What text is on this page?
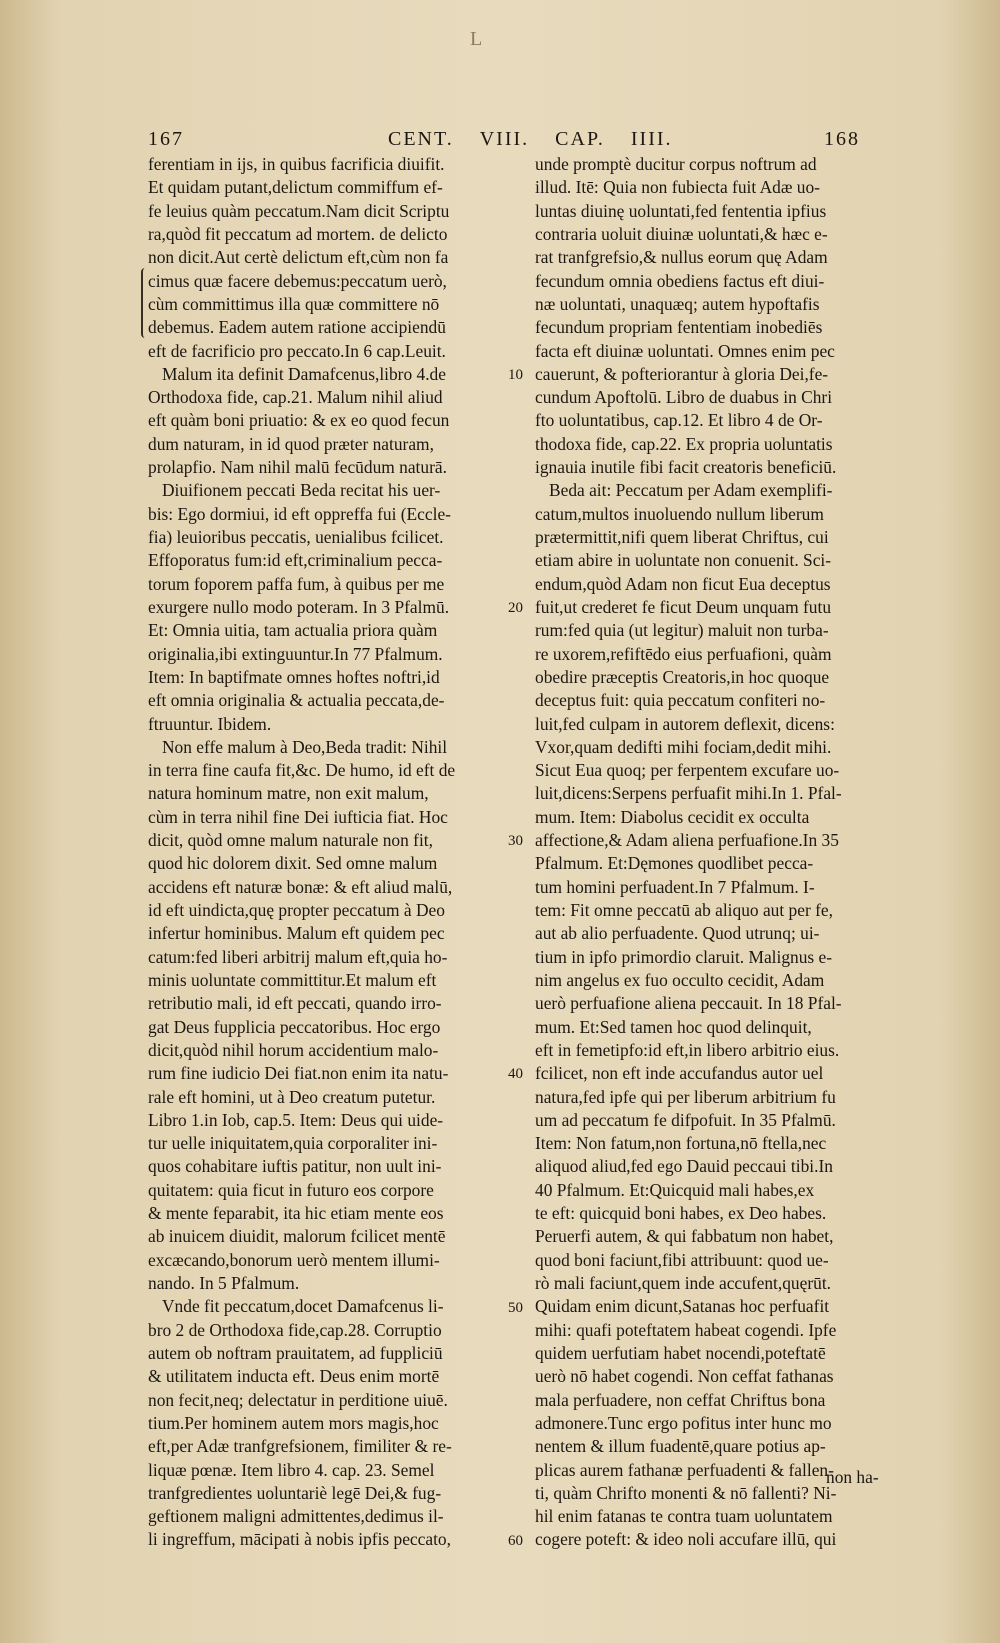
L
167	CENT. VIII. CAP. IIII.	168
ferentiam in ijs, in quibus facrificia diuifit.
Et quidam putant,delictum commiffum ef-
fe leuius quàm peccatum.Nam dicit Scriptu
ra,quòd fit peccatum ad mortem. de delicto
non dicit.Aut certè delictum eft,cùm non fa
cimus quæ facere debemus:peccatum uerò,
cùm committimus illa quæ committere nō
debemus. Eadem autem ratione accipiendū
eft de facrificio pro peccato.In 6 cap.Leuit.
Malum ita definit Damafcenus,libro 4.de
Orthodoxa fide, cap.21. Malum nihil aliud
eft quàm boni priuatio: & ex eo quod fecun
dum naturam, in id quod præter naturam,
prolapfio. Nam nihil malū fecūdum naturā.
Diuifionem peccati Beda recitat his uer-
bis: Ego dormiui, id eft oppreffa fui (Eccle-
fia) leuioribus peccatis, uenialibus fcilicet.
Effoporatus fum:id eft,criminalium pecca-
torum foporem paffa fum, à quibus per me
exurgere nullo modo poteram. In 3 Pfalmū.
Et: Omnia uitia, tam actualia priora quàm
originalia,ibi extinguuntur.In 77 Pfalmum.
Item: In baptifmate omnes hoftes noftri,id
eft omnia originalia & actualia peccata,de-
ftruuntur. Ibidem.
Non effe malum à Deo,Beda tradit: Nihil
in terra fine caufa fit,&c. De humo, id eft de
natura hominum matre, non exit malum,
cùm in terra nihil fine Dei iufticia fiat. Hoc
dicit, quòd omne malum naturale non fit,
quod hic dolorem dixit. Sed omne malum
accidens eft naturæ bonæ: & eft aliud malū,
id eft uindicta,quę propter peccatum à Deo
infertur hominibus. Malum eft quidem pec
catum:fed liberi arbitrij malum eft,quia ho-
minis uoluntate committitur.Et malum eft
retributio mali, id eft peccati, quando irro-
gat Deus fupplicia peccatoribus. Hoc ergo
dicit,quòd nihil horum accidentium malo-
rum fine iudicio Dei fiat.non enim ita natu-
rale eft homini, ut à Deo creatum putetur.
Libro 1.in Iob, cap.5. Item: Deus qui uide-
tur uelle iniquitatem,quia corporaliter ini-
quos cohabitare iuftis patitur, non uult ini-
quitatem: quia ficut in futuro eos corpore
& mente feparabit, ita hic etiam mente eos
ab inuicem diuidit, malorum fcilicet mentē
excæcando,bonorum uerò mentem illumi-
nando. In 5 Pfalmum.
Vnde fit peccatum,docet Damafcenus li-
bro 2 de Orthodoxa fide,cap.28. Corruptio
autem ob noftram prauitatem, ad fuppliciū
& utilitatem inducta eft. Deus enim mortē
non fecit,neq; delectatur in perditione uiuē.
tium.Per hominem autem mors magis,hoc
eft,per Adæ tranfgrefsionem, fimiliter & re-
liquæ pœnæ. Item libro 4. cap. 23. Semel
tranfgredientes uoluntariè legē Dei,& fug-
geftionem maligni admittentes,dedimus il-
li ingreffum, mācipati à nobis ipfis peccato,
unde promptè ducitur corpus noftrum ad
illud. Itē: Quia non fubiecta fuit Adæ uo-
luntas diuinę uoluntati,fed fententia ipfius
contraria uoluit diuinæ uoluntati,& hæc e-
rat tranfgrefsio,& nullus eorum quę Adam
fecundum omnia obediens factus eft diui-
næ uoluntati, unaquæq; autem hypoftafis
fecundum propriam fententiam inobediēs
facta eft diuinæ uoluntati. Omnes enim pec
cauerunt, & pofteriorantur à gloria Dei,fe-
cundum Apoftolū. Libro de duabus in Chri
fto uoluntatibus, cap.12. Et libro 4 de Or-
thodoxa fide, cap.22. Ex propria uoluntatis
ignauia inutile fibi facit creatoris beneficiū.
Beda ait: Peccatum per Adam exemplifi-
catum,multos inuoluendo nullum liberum
prætermittit,nifi quem liberat Chriftus, cui
etiam abire in uoluntate non conuenit. Sci-
endum,quòd Adam non ficut Eua deceptus
fuit,ut crederet fe ficut Deum unquam futu
rum:fed quia (ut legitur) maluit non turba-
re uxorem,refiftēdo eius perfuafioni, quàm
obedire præceptis Creatoris,in hoc quoque
deceptus fuit: quia peccatum confiteri no-
luit,fed culpam in autorem deflexit, dicens:
Vxor,quam dedifti mihi fociam,dedit mihi.
Sicut Eua quoq; per ferpentem excufare uo-
luit,dicens:Serpens perfuafit mihi.In 1. Pfal-
mum. Item: Diabolus cecidit ex occulta
affectione,& Adam aliena perfuafione.In 35
Pfalmum. Et:Dęmones quodlibet pecca-
tum homini perfuadent.In 7 Pfalmum. I-
tem: Fit omne peccatū ab aliquo aut per fe,
aut ab alio perfuadente. Quod utrunq; ui-
tium in ipfo primordio claruit. Malignus e-
nim angelus ex fuo occulto cecidit, Adam
uerò perfuafione aliena peccauit. In 18 Pfal-
mum. Et:Sed tamen hoc quod delinquit,
eft in femetipfo:id eft,in libero arbitrio eius.
fcilicet, non eft inde accufandus autor uel
natura,fed ipfe qui per liberum arbitrium fu
um ad peccatum fe difpofuit. In 35 Pfalmū.
Item: Non fatum,non fortuna,nō ftella,nec
aliquod aliud,fed ego Dauid peccaui tibi.In
40 Pfalmum. Et:Quicquid mali habes,ex
te eft: quicquid boni habes, ex Deo habes.
Peruerfi autem, & qui fabbatum non habet,
quod boni faciunt,fibi attribuunt: quod ue-
rò mali faciunt,quem inde accufent,quęrūt.
Quidam enim dicunt,Satanas hoc perfuafit
mihi: quafi poteftatem habeat cogendi. Ipfe
quidem uerfutiam habet nocendi,poteftatē
uerò nō habet cogendi. Non ceffat fathanas
mala perfuadere, non ceffat Chriftus bona
admonere.Tunc ergo pofitus inter hunc mo
nentem & illum fuadentē,quare potius ap-
plicas aurem fathanæ perfuadenti & fallen-
ti, quàm Chrifto monenti & nō fallenti? Ni-
hil enim fatanas te contra tuam uoluntatem
cogere poteft: & ideo noli accufare illū, qui
10
20
30
40
50
60
non ha-
